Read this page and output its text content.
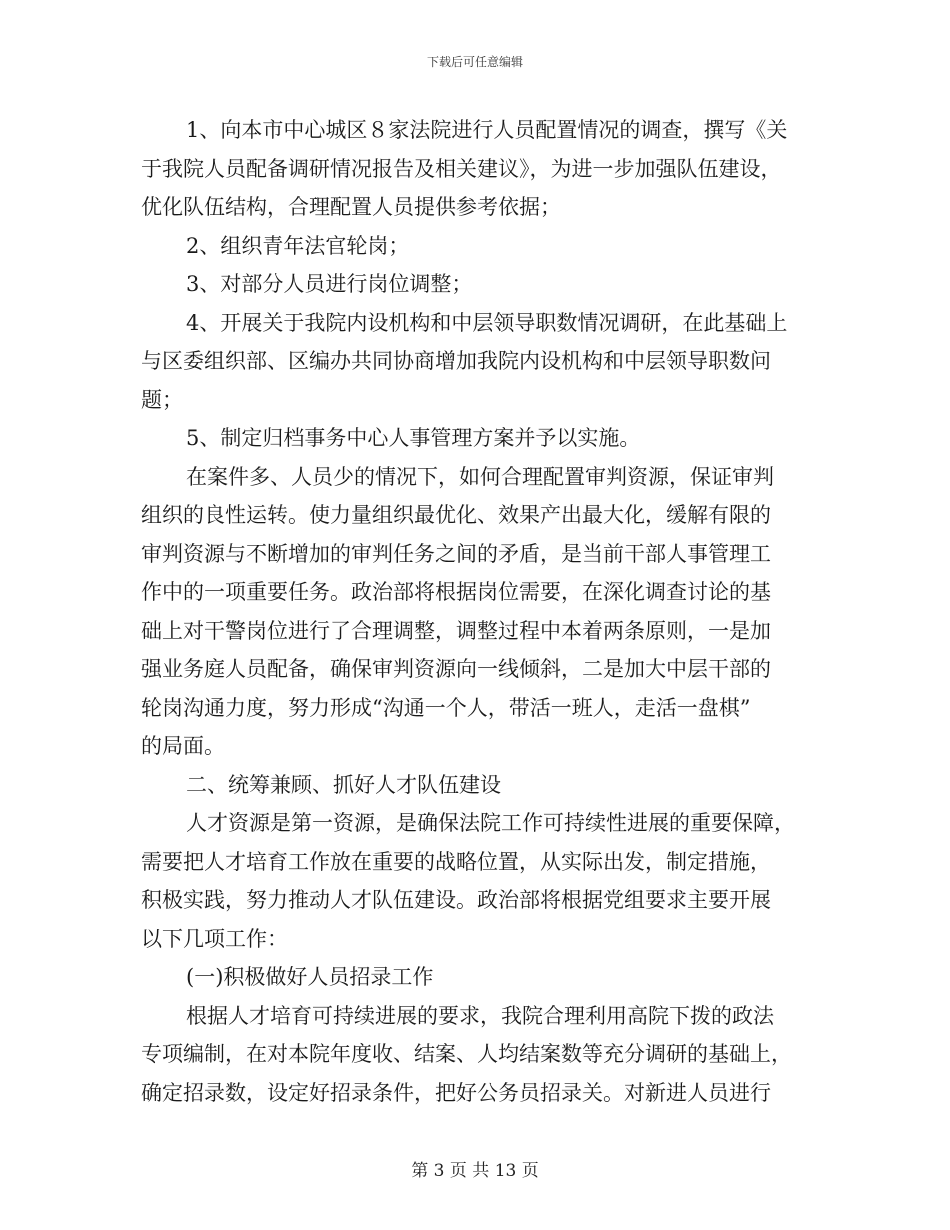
下载后可任意编辑
1、向本市中心城区８家法院进行人员配置情况的调查，撰写《关
于我院人员配备调研情况报告及相关建议》，为进一步加强队伍建设，
优化队伍结构，合理配置人员提供参考依据；
2、组织青年法官轮岗；
3、对部分人员进行岗位调整；
4、开展关于我院内设机构和中层领导职数情况调研，在此基础上
与区委组织部、区编办共同协商增加我院内设机构和中层领导职数问
题；
5、制定归档事务中心人事管理方案并予以实施。
在案件多、人员少的情况下，如何合理配置审判资源，保证审判
组织的良性运转。使力量组织最优化、效果产出最大化，缓解有限的
审判资源与不断增加的审判任务之间的矛盾，是当前干部人事管理工
作中的一项重要任务。政治部将根据岗位需要，在深化调查讨论的基
础上对干警岗位进行了合理调整，调整过程中本着两条原则，一是加
强业务庭人员配备，确保审判资源向一线倾斜，二是加大中层干部的
轮岗沟通力度，努力形成“沟通一个人，带活一班人，走活一盘棋”
的局面。
二、统筹兼顾、抓好人才队伍建设
人才资源是第一资源，是确保法院工作可持续性进展的重要保障，
需要把人才培育工作放在重要的战略位置，从实际出发，制定措施，
积极实践，努力推动人才队伍建设。政治部将根据党组要求主要开展
以下几项工作：
(一)积极做好人员招录工作
根据人才培育可持续进展的要求，我院合理利用高院下拨的政法
专项编制，在对本院年度收、结案、人均结案数等充分调研的基础上，
确定招录数，设定好招录条件，把好公务员招录关。对新进人员进行
第 3 页 共 13 页
